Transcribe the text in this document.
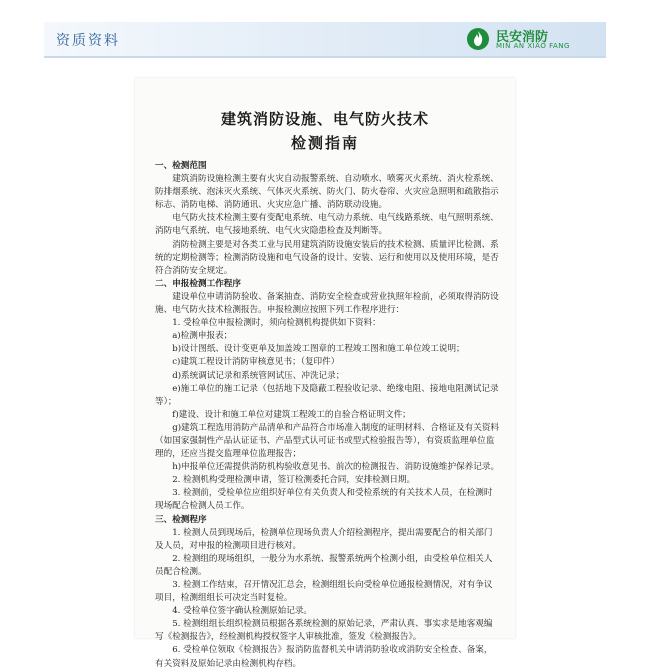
资质资料	民安消防
MIN AN XIAO FANG
建筑消防设施、电气防火技术
检测指南

一、检测范围

建筑消防设施检测主要有火灾自动报警系统、自动喷水、喷雾灭火系统、消火栓系统、防排烟系统、泡沫灭火系统、气体灭火系统、防火门、防火卷帘、火灾应急照明和疏散指示标志、消防电梯、消防通讯、火灾应急广播、消防联动设施。

电气防火技术检测主要有变配电系统、电气动力系统、电气线路系统、电气照明系统、消防电气系统、电气接地系统、电气火灾隐患检查及判断等。

消防检测主要是对各类工业与民用建筑消防设施安装后的技术检测、质量评比检测、系统的定期检测等；检测消防设施和电气设备的设计、安装、运行和使用以及使用环境，是否符合消防安全规定。

二、申报检测工作程序

建设单位申请消防验收、备案抽查、消防安全检查或营业执照年检前，必须取得消防设施、电气防火技术检测报告。申报检测应按照下列工作程序进行：

1. 受检单位申报检测时，须向检测机构提供如下资料：

a)检测申报表；

b)设计图纸、设计变更单及加盖竣工图章的工程竣工图和施工单位竣工说明；

c)建筑工程设计消防审核意见书；（复印件）

d)系统调试记录和系统管网试压、冲洗记录；

e)施工单位的施工记录（包括地下及隐蔽工程验收记录、绝缘电阻、接地电阻测试记录等）；

f)建设、设计和施工单位对建筑工程竣工的自验合格证明文件；

g)建筑工程选用消防产品清单和产品符合市场准入制度的证明材料、合格证及有关资料（如国家强制性产品认证证书、产品型式认可证书或型式检验报告等），有资质监理单位监理的，还应当提交监理单位监理报告；

h)申报单位还需提供消防机构验收意见书、前次的检测报告、消防设施维护保养记录。

2. 检测机构受理检测申请，签订检测委托合同，安排检测日期。

3. 检测前，受检单位应组织好单位有关负责人和受检系统的有关技术人员，在检测时现场配合检测人员工作。

三、检测程序

1. 检测人员到现场后，检测单位现场负责人介绍检测程序，提出需要配合的相关部门及人员，对申报的检测项目进行核对。

2. 检测组的现场组织，一般分为水系统、报警系统两个检测小组，由受检单位相关人员配合检测。

3. 检测工作结束，召开情况汇总会，检测组组长向受检单位通报检测情况，对有争议项目，检测组组长可决定当时复检。

4. 受检单位签字确认检测原始记录。

5. 检测组组长组织检测员根据各系统检测的原始记录，严肃认真、事实求是地客观编写《检测报告》，经检测机构授权签字人审核批准，签发《检测报告》。

6. 受检单位领取《检测报告》报消防监督机关申请消防验收或消防安全检查、备案，有关资料及原始记录由检测机构存档。
